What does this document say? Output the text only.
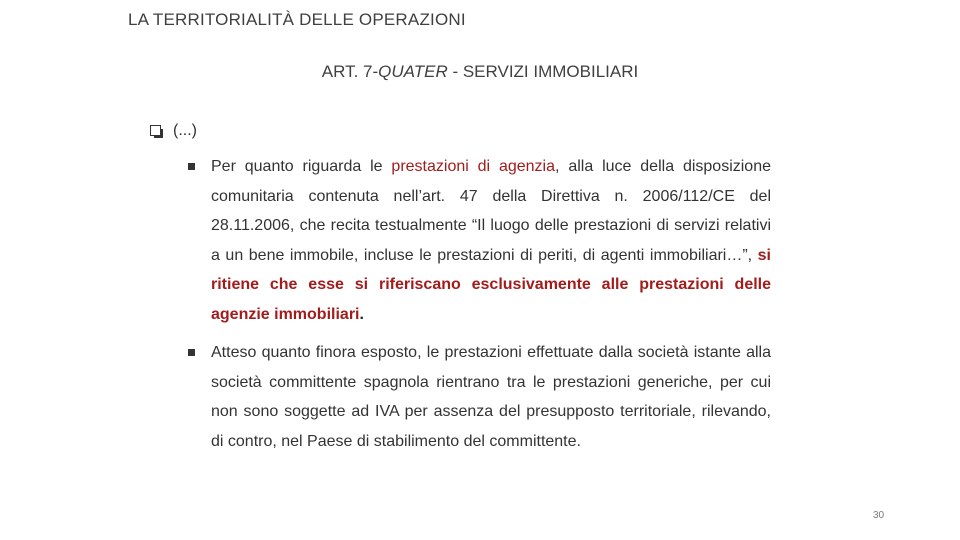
LA TERRITORIALITÀ DELLE OPERAZIONI
ART. 7-QUATER - SERVIZI IMMOBILIARI
(...)
Per quanto riguarda le prestazioni di agenzia, alla luce della disposizione comunitaria contenuta nell’art. 47 della Direttiva n. 2006/112/CE del 28.11.2006, che recita testualmente “Il luogo delle prestazioni di servizi relativi a un bene immobile, incluse le prestazioni di periti, di agenti immobiliari…”, si ritiene che esse si riferiscano esclusivamente alle prestazioni delle agenzie immobiliari.
Atteso quanto finora esposto, le prestazioni effettuate dalla società istante alla società committente spagnola rientrano tra le prestazioni generiche, per cui non sono soggette ad IVA per assenza del presupposto territoriale, rilevando, di contro, nel Paese di stabilimento del committente.
30
